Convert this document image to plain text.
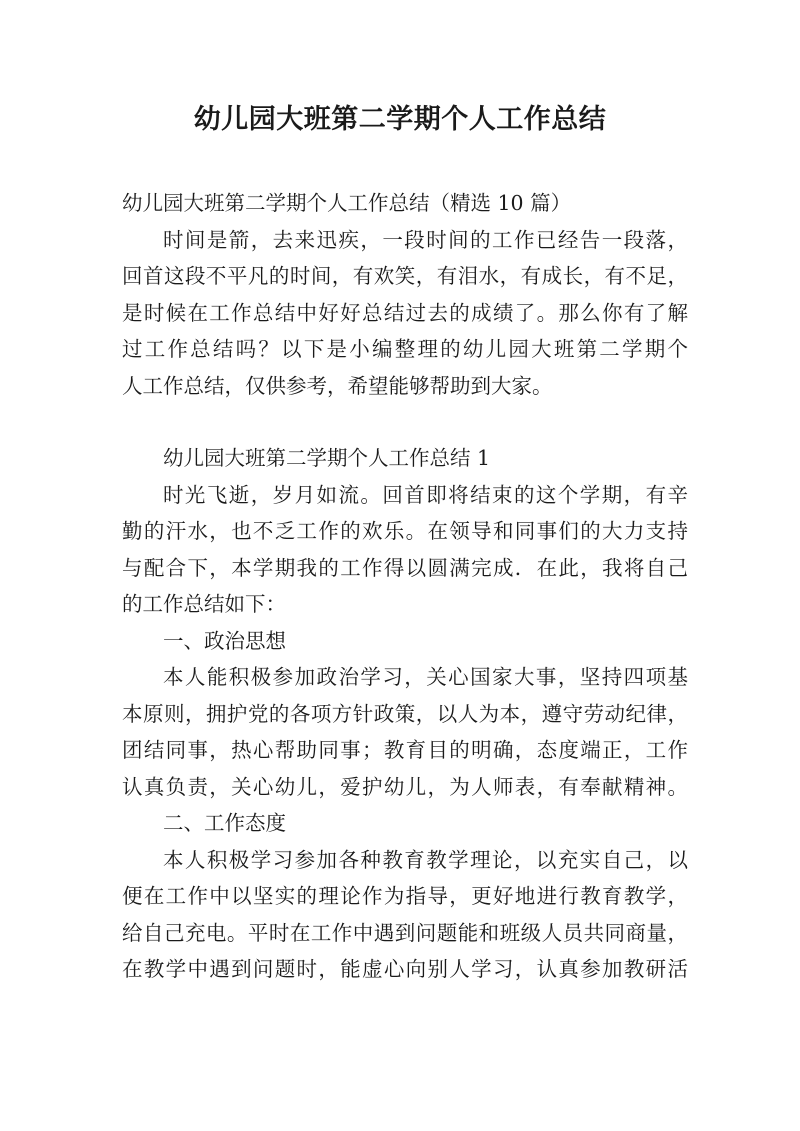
幼儿园大班第二学期个人工作总结
幼儿园大班第二学期个人工作总结（精选 10 篇）
时间是箭，去来迅疾，一段时间的工作已经告一段落，
回首这段不平凡的时间，有欢笑，有泪水，有成长，有不足，
是时候在工作总结中好好总结过去的成绩了。那么你有了解
过工作总结吗？以下是小编整理的幼儿园大班第二学期个
人工作总结，仅供参考，希望能够帮助到大家。
幼儿园大班第二学期个人工作总结 1
时光飞逝，岁月如流。回首即将结束的这个学期，有辛
勤的汗水，也不乏工作的欢乐。在领导和同事们的大力支持
与配合下，本学期我的工作得以圆满完成．在此，我将自己
的工作总结如下：
一、政治思想
本人能积极参加政治学习，关心国家大事，坚持四项基
本原则，拥护党的各项方针政策，以人为本，遵守劳动纪律，
团结同事，热心帮助同事；教育目的明确，态度端正，工作
认真负责，关心幼儿，爱护幼儿，为人师表，有奉献精神。
二、工作态度
本人积极学习参加各种教育教学理论，以充实自己，以
便在工作中以坚实的理论作为指导，更好地进行教育教学，
给自己充电。平时在工作中遇到问题能和班级人员共同商量，
在教学中遇到问题时，能虚心向别人学习，认真参加教研活
